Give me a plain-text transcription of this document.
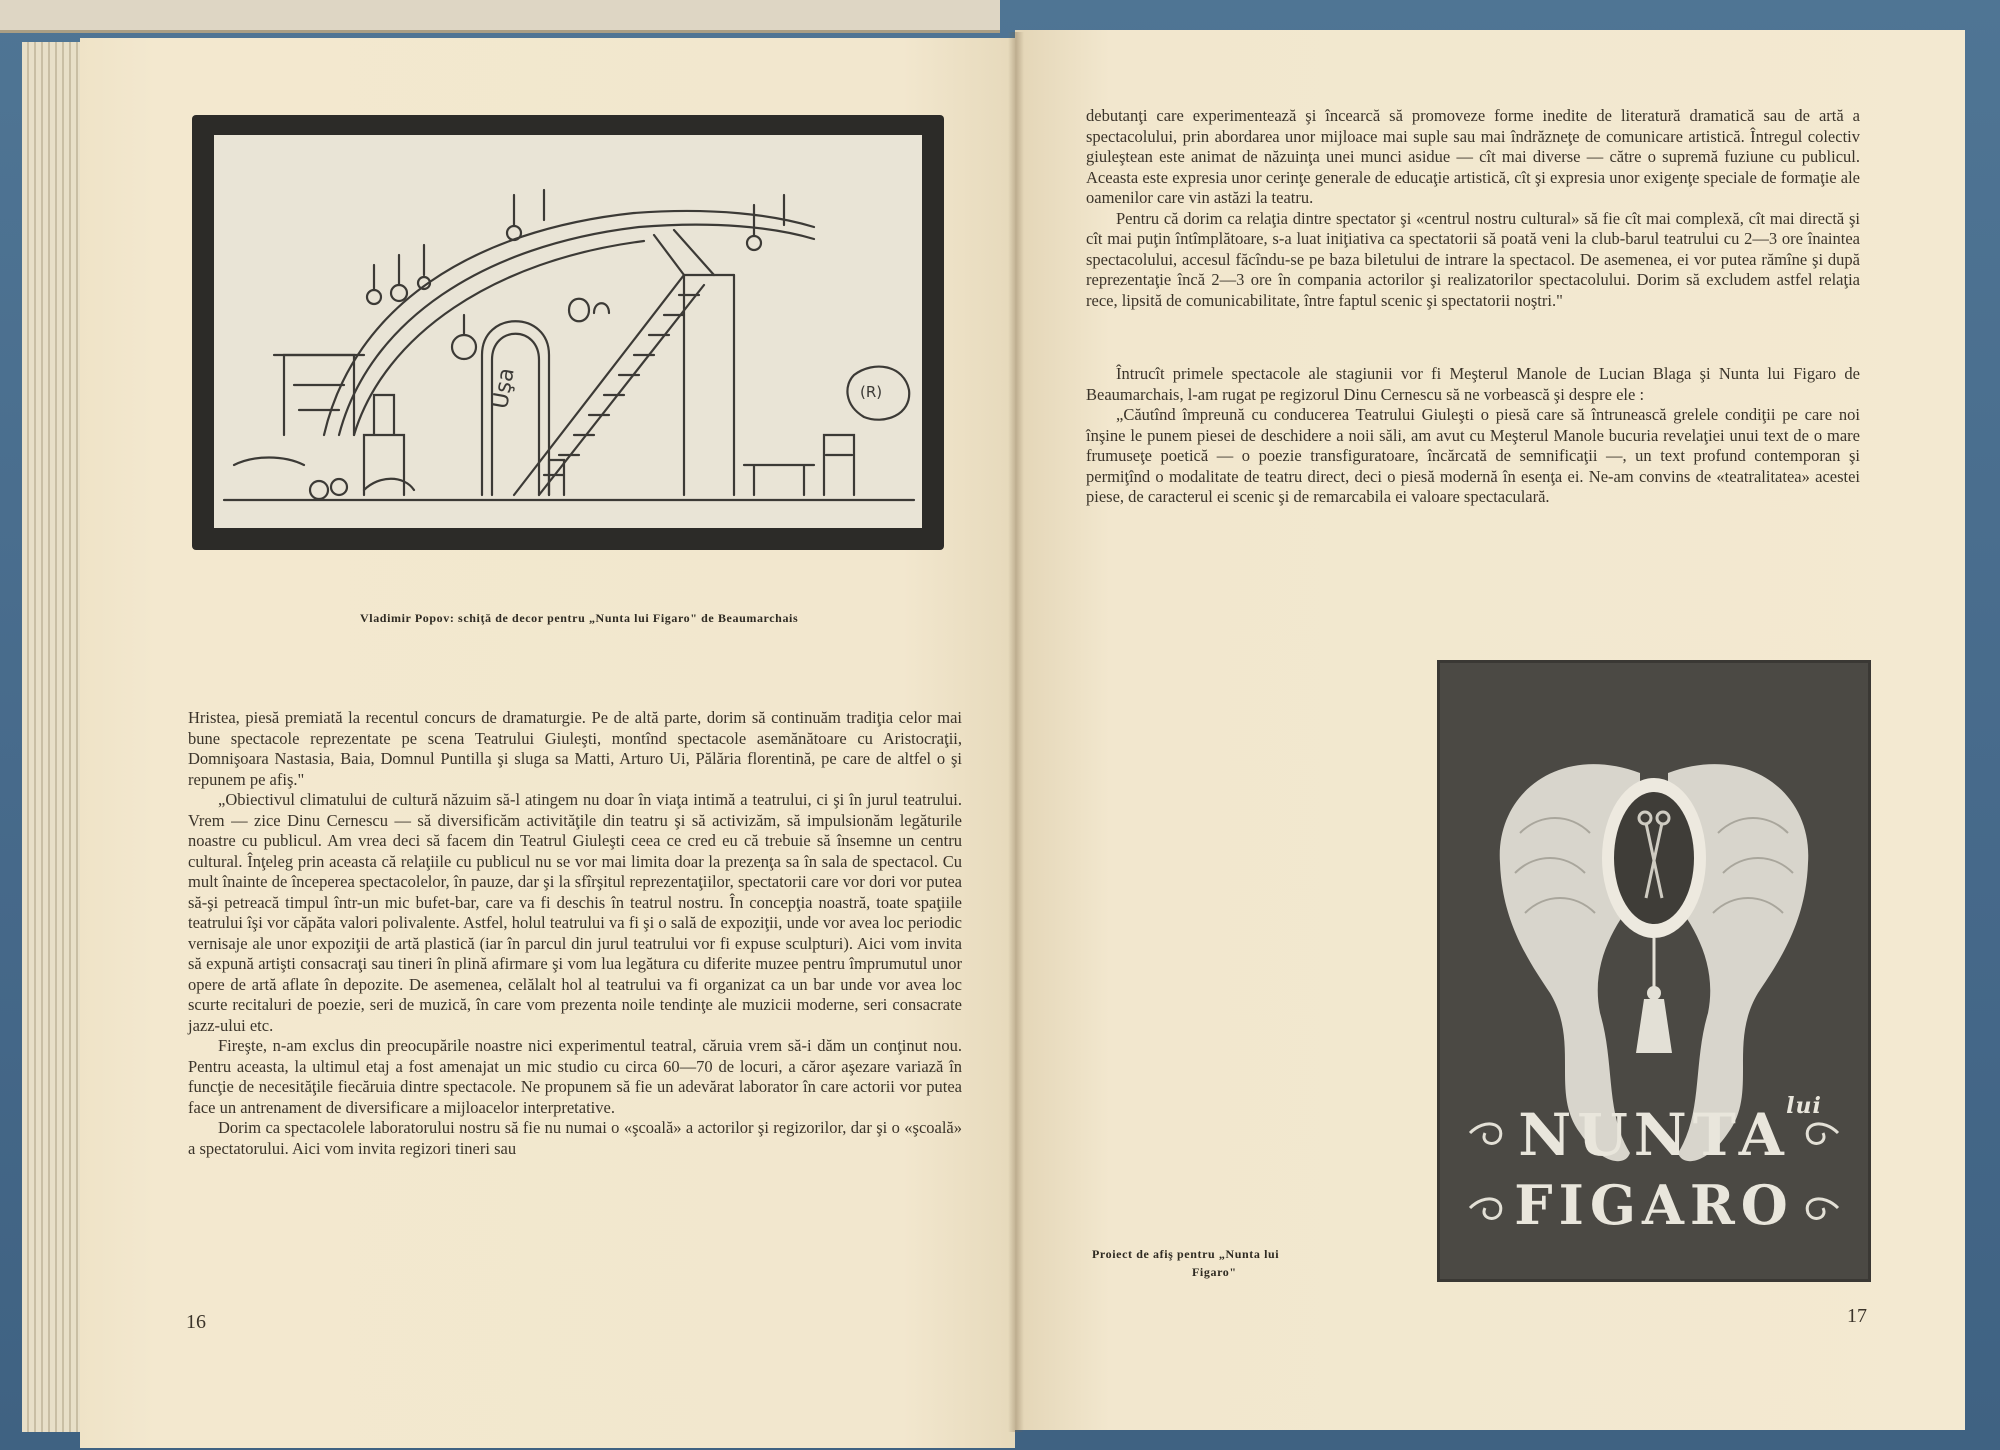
Uşa	(R)

Vladimir Popov: schiţă de decor pentru „Nunta lui Figaro" de Beaumarchais

Hristea, piesă premiată la recentul concurs de dramaturgie. Pe de altă parte, dorim să continuăm tradiţia celor mai bune spectacole reprezentate pe scena Teatrului Giuleşti, montînd spectacole asemănătoare cu Aristocraţii, Domnişoara Nastasia, Baia, Domnul Puntilla şi sluga sa Matti, Arturo Ui, Pălăria florentină, pe care de altfel o şi repunem pe afiş."

„Obiectivul climatului de cultură năzuim să-l atingem nu doar în viaţa intimă a teatrului, ci şi în jurul teatrului. Vrem — zice Dinu Cernescu — să diversificăm activităţile din teatru şi să activizăm, să impulsionăm legăturile noastre cu publicul. Am vrea deci să facem din Teatrul Giuleşti ceea ce cred eu că trebuie să însemne un centru cultural. Înţeleg prin aceasta că relaţiile cu publicul nu se vor mai limita doar la prezenţa sa în sala de spectacol. Cu mult înainte de începerea spectacolelor, în pauze, dar şi la sfîrşitul reprezentaţiilor, spectatorii care vor dori vor putea să-şi petreacă timpul într-un mic bufet-bar, care va fi deschis în teatrul nostru. În concepţia noastră, toate spaţiile teatrului îşi vor căpăta valori polivalente. Astfel, holul teatrului va fi şi o sală de expoziţii, unde vor avea loc periodic vernisaje ale unor expoziţii de artă plastică (iar în parcul din jurul teatrului vor fi expuse sculpturi). Aici vom invita să expună artişti consacraţi sau tineri în plină afirmare şi vom lua legătura cu diferite muzee pentru împrumutul unor opere de artă aflate în depozite. De asemenea, celălalt hol al teatrului va fi organizat ca un bar unde vor avea loc scurte recitaluri de poezie, seri de muzică, în care vom prezenta noile tendinţe ale muzicii moderne, seri consacrate jazz-ului etc.

Fireşte, n-am exclus din preocupările noastre nici experimentul teatral, căruia vrem să-i dăm un conţinut nou. Pentru aceasta, la ultimul etaj a fost amenajat un mic studio cu circa 60—70 de locuri, a căror aşezare variază în funcţie de necesităţile fiecăruia dintre spectacole. Ne propunem să fie un adevărat laborator în care actorii vor putea face un antrenament de diversificare a mijloacelor interpretative.

Dorim ca spectacolele laboratorului nostru să fie nu numai o «şcoală» a actorilor şi regizorilor, dar şi o «şcoală» a spectatorului. Aici vom invita regizori tineri sau

16

debutanţi care experimentează şi încearcă să promoveze forme inedite de literatură dramatică sau de artă a spectacolului, prin abordarea unor mijloace mai suple sau mai îndrăzneţe de comunicare artistică. Întregul colectiv giuleştean este animat de năzuinţa unei munci asidue — cît mai diverse — către o supremă fuziune cu publicul. Aceasta este expresia unor cerinţe generale de educaţie artistică, cît şi expresia unor exigenţe speciale de formaţie ale oamenilor care vin astăzi la teatru.

Pentru că dorim ca relaţia dintre spectator şi «centrul nostru cultural» să fie cît mai complexă, cît mai directă şi cît mai puţin întîmplătoare, s-a luat iniţiativa ca spectatorii să poată veni la club-barul teatrului cu 2—3 ore înaintea spectacolului, accesul făcîndu-se pe baza biletului de intrare la spectacol. De asemenea, ei vor putea rămîne şi după reprezentaţie încă 2—3 ore în compania actorilor şi realizatorilor spectacolului. Dorim să excludem astfel relaţia rece, lipsită de comunicabilitate, între faptul scenic şi spectatorii noştri."

Întrucît primele spectacole ale stagiunii vor fi Meşterul Manole de Lucian Blaga şi Nunta lui Figaro de Beaumarchais, l-am rugat pe regizorul Dinu Cernescu să ne vorbească şi despre ele :

„Căutînd împreună cu conducerea Teatrului Giuleşti o piesă care să întrunească grelele condiţii pe care noi înşine le punem piesei de deschidere a noii săli, am avut cu Meşterul Manole bucuria revelaţiei unui text de o mare frumuseţe poetică — o poezie transfiguratoare, încărcată de semnificaţii —, un text profund contemporan şi permiţînd o modalitate de teatru direct, deci o piesă modernă în esenţa ei. Ne-am convins de «teatralitatea» acestei piese, de caracterul ei scenic şi de remarcabila ei valoare spectaculară.

NUNTA
lui
FIGARO

Proiect de afiş pentru „Nunta lui

Figaro"

17
